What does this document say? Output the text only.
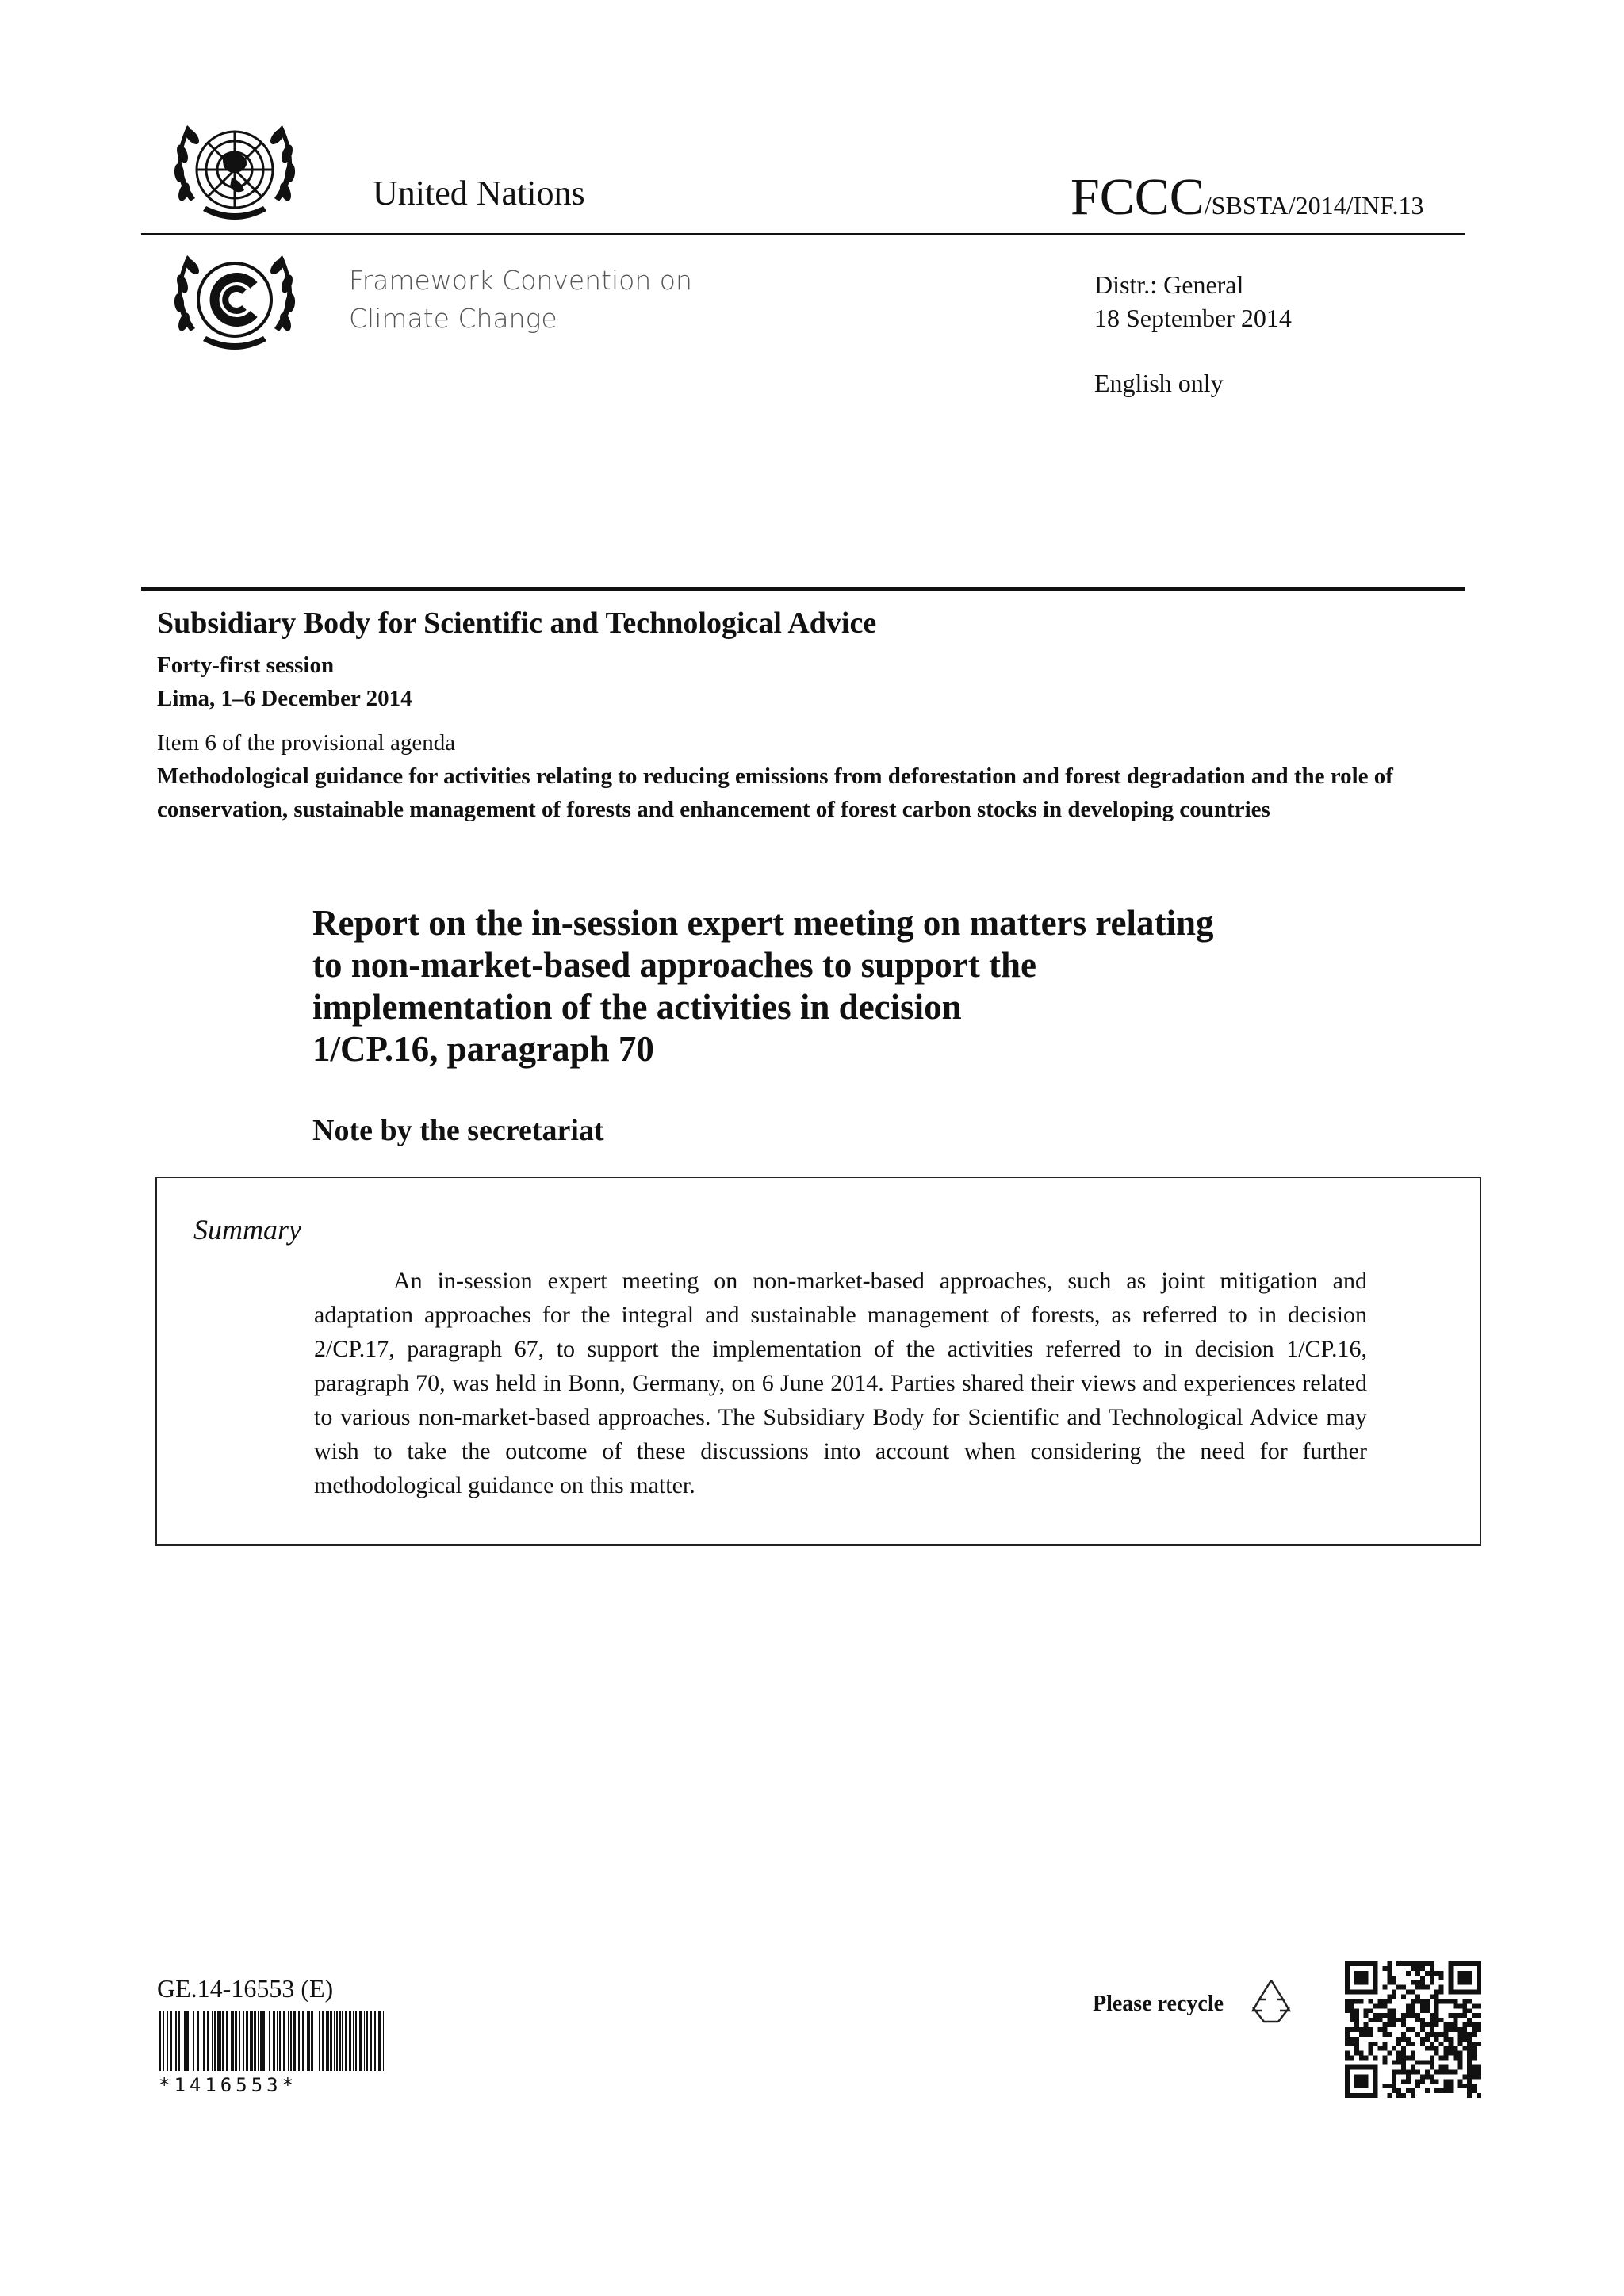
United Nations	FCCC/SBSTA/2014/INF.13
Framework Convention on
Climate Change
Distr.: General
18 September 2014
English only
Subsidiary Body for Scientific and Technological Advice
Forty-first session
Lima, 1–6 December 2014
Item 6 of the provisional agenda
Methodological guidance for activities relating to reducing emissions from deforestation and forest degradation and the role of conservation, sustainable management of forests and enhancement of forest carbon stocks in developing countries
Report on the in-session expert meeting on matters relating
to non-market-based approaches to support the
implementation of the activities in decision
1/CP.16, paragraph 70
Note by the secretariat
Summary
An in-session expert meeting on non-market-based approaches, such as joint mitigation and adaptation approaches for the integral and sustainable management of forests, as referred to in decision 2/CP.17, paragraph 67, to support the implementation of the activities referred to in decision 1/CP.16, paragraph 70, was held in Bonn, Germany, on 6 June 2014. Parties shared their views and experiences related to various non-market-based approaches. The Subsidiary Body for Scientific and Technological Advice may wish to take the outcome of these discussions into account when considering the need for further methodological guidance on this matter.
GE.14-16553 (E)
*1416553*
Please recycle
